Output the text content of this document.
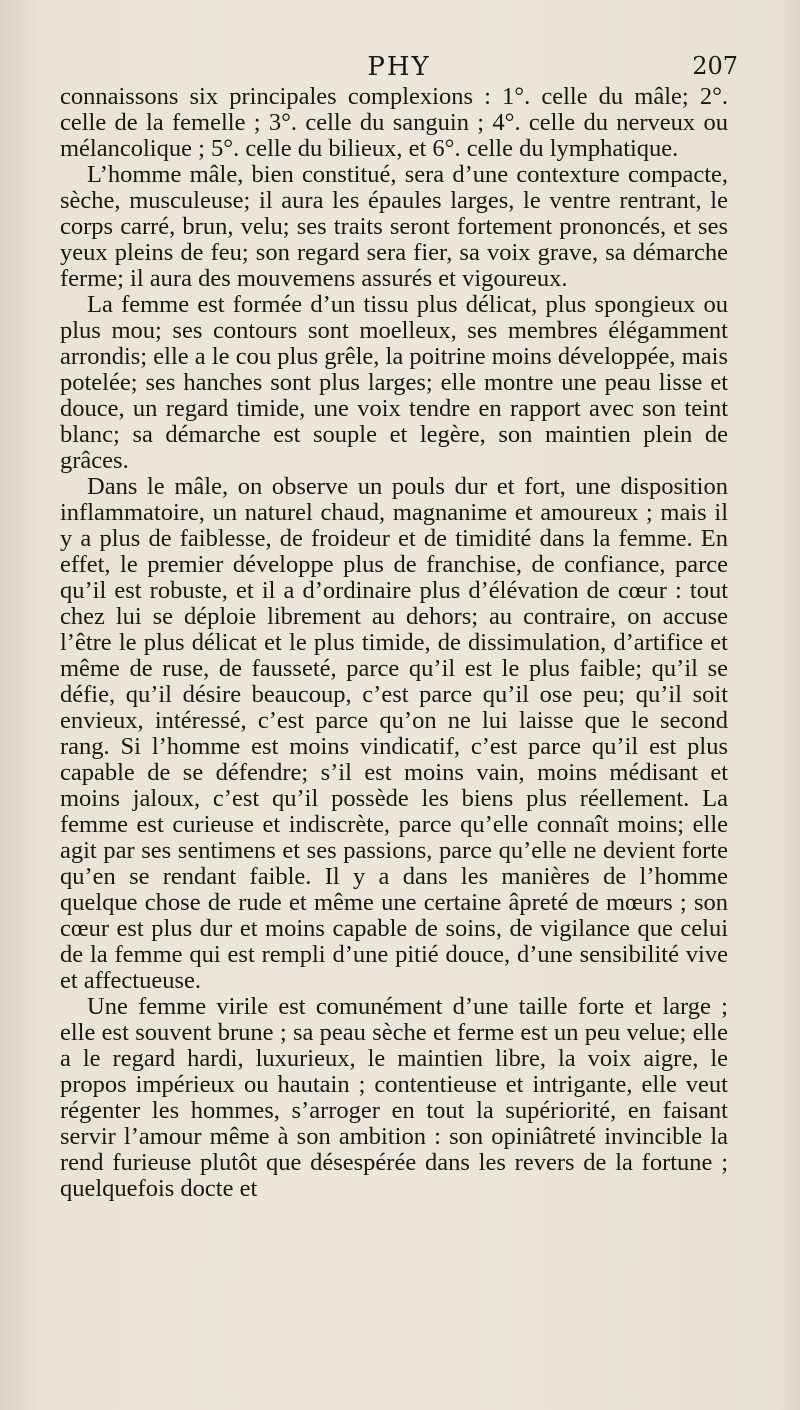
PHY	207

connaissons six principales complexions : 1°. celle du mâle; 2°. celle de la femelle ; 3°. celle du sanguin ; 4°. celle du nerveux ou mélancolique ; 5°. celle du bilieux, et 6°. celle du lymphatique.

L’homme mâle, bien constitué, sera d’une contexture compacte, sèche, musculeuse; il aura les épaules larges, le ventre rentrant, le corps carré, brun, velu; ses traits seront fortement prononcés, et ses yeux pleins de feu; son regard sera fier, sa voix grave, sa démarche ferme; il aura des mouvemens assurés et vigoureux.

La femme est formée d’un tissu plus délicat, plus spongieux ou plus mou; ses contours sont moelleux, ses membres élégamment arrondis; elle a le cou plus grêle, la poitrine moins développée, mais potelée; ses hanches sont plus larges; elle montre une peau lisse et douce, un regard timide, une voix tendre en rapport avec son teint blanc; sa démarche est souple et legère, son maintien plein de grâces.

Dans le mâle, on observe un pouls dur et fort, une disposition inflammatoire, un naturel chaud, magnanime et amoureux ; mais il y a plus de faiblesse, de froideur et de timidité dans la femme. En effet, le premier développe plus de franchise, de confiance, parce qu’il est robuste, et il a d’ordinaire plus d’élévation de cœur : tout chez lui se déploie librement au dehors; au contraire, on accuse l’être le plus délicat et le plus timide, de dissimulation, d’artifice et même de ruse, de fausseté, parce qu’il est le plus faible; qu’il se défie, qu’il désire beaucoup, c’est parce qu’il ose peu; qu’il soit envieux, intéressé, c’est parce qu’on ne lui laisse que le second rang. Si l’homme est moins vindicatif, c’est parce qu’il est plus capable de se défendre; s’il est moins vain, moins médisant et moins jaloux, c’est qu’il possède les biens plus réellement. La femme est curieuse et indiscrète, parce qu’elle connaît moins; elle agit par ses sentimens et ses passions, parce qu’elle ne devient forte qu’en se rendant faible. Il y a dans les manières de l’homme quelque chose de rude et même une certaine âpreté de mœurs ; son cœur est plus dur et moins capable de soins, de vigilance que celui de la femme qui est rempli d’une pitié douce, d’une sensibilité vive et affectueuse.

Une femme virile est comunément d’une taille forte et large ; elle est souvent brune ; sa peau sèche et ferme est un peu velue; elle a le regard hardi, luxurieux, le maintien libre, la voix aigre, le propos impérieux ou hautain ; contentieuse et intrigante, elle veut régenter les hommes, s’arroger en tout la supériorité, en faisant servir l’amour même à son ambition : son opiniâtreté invincible la rend furieuse plutôt que désespérée dans les revers de la fortune ; quelquefois docte et
